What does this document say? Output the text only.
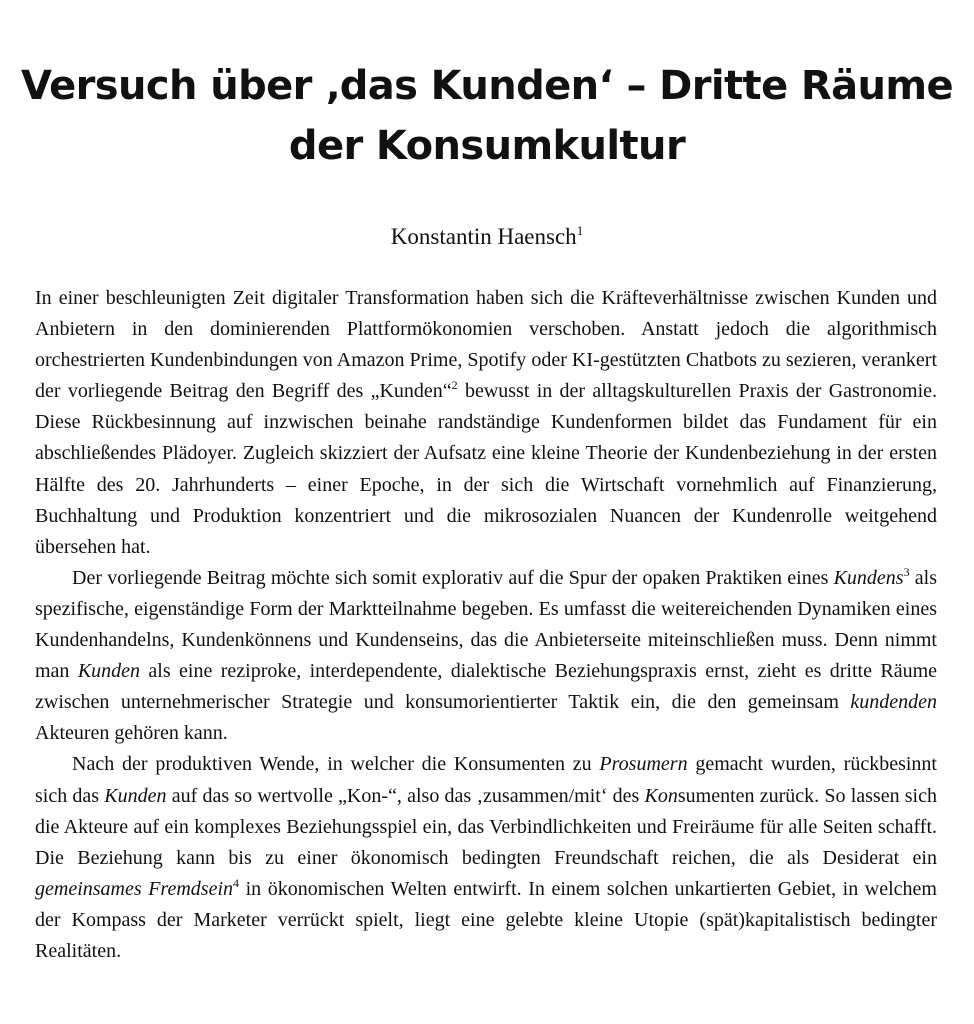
Versuch über ‚das Kunden‘ – Dritte Räume
der Konsumkultur
Konstantin Haensch$^1$

In einer beschleunigten Zeit digitaler Transformation haben sich die Kräfteverhältnisse zwischen Kunden und Anbietern in den dominierenden Plattformökonomien verschoben. Anstatt jedoch die algorithmisch orchestrierten Kundenbindungen von Amazon Prime, Spotify oder KI-gestützten Chatbots zu sezieren, verankert der vorliegende Beitrag den Begriff des „Kunden“$^2$ bewusst in der alltagskulturellen Praxis der Gastronomie. Diese Rückbesinnung auf inzwischen beinahe randständige Kundenformen bildet das Fundament für ein abschließendes Plädoyer. Zugleich skizziert der Aufsatz eine kleine Theorie der Kundenbeziehung in der ersten Hälfte des 20. Jahrhunderts – einer Epoche, in der sich die Wirtschaft vornehmlich auf Finanzierung, Buchhaltung und Produktion konzentriert und die mikrosozialen Nuancen der Kundenrolle weitgehend übersehen hat.

Der vorliegende Beitrag möchte sich somit explorativ auf die Spur der opaken Praktiken eines Kundens$^3$ als spezifische, eigenständige Form der Marktteilnahme begeben. Es umfasst die weitereichenden Dynamiken eines Kundenhandelns, Kundenkönnens und Kundenseins, das die Anbieterseite miteinschließen muss. Denn nimmt man Kunden als eine reziproke, interdependente, dialektische Beziehungspraxis ernst, zieht es dritte Räume zwischen unternehmerischer Strategie und konsumorientierter Taktik ein, die den gemeinsam kundenden Akteuren gehören kann.

Nach der produktiven Wende, in welcher die Konsumenten zu Prosumern gemacht wurden, rückbesinnt sich das Kunden auf das so wertvolle „Kon-“, also das ‚zusammen/mit‘ des Konsumenten zurück. So lassen sich die Akteure auf ein komplexes Beziehungsspiel ein, das Verbindlichkeiten und Freiräume für alle Seiten schafft. Die Beziehung kann bis zu einer ökonomisch bedingten Freundschaft reichen, die als Desiderat ein gemeinsames Fremdsein$^4$ in ökonomischen Welten entwirft. In einem solchen unkartierten Gebiet, in welchem der Kompass der Marketer verrückt spielt, liegt eine gelebte kleine Utopie (spät)kapitalistisch bedingter Realitäten.
